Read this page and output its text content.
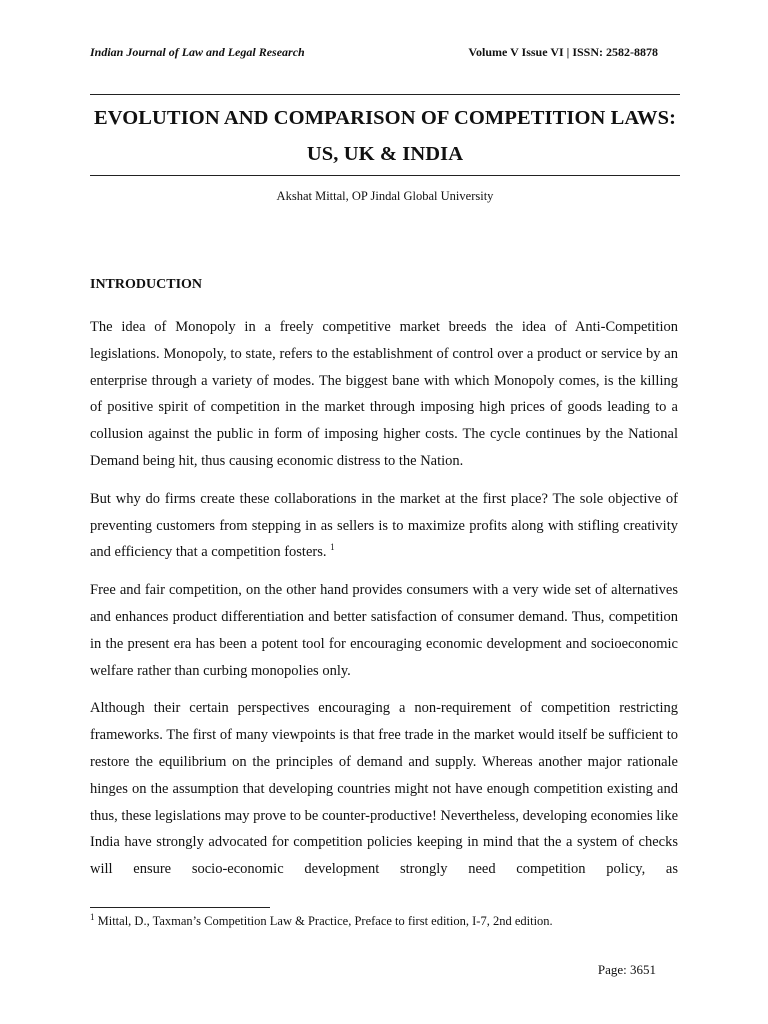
Indian Journal of Law and Legal Research	Volume V Issue VI | ISSN: 2582-8878
EVOLUTION AND COMPARISON OF COMPETITION LAWS:
US, UK & INDIA
Akshat Mittal, OP Jindal Global University
INTRODUCTION

The idea of Monopoly in a freely competitive market breeds the idea of Anti-Competition legislations. Monopoly, to state, refers to the establishment of control over a product or service by an enterprise through a variety of modes. The biggest bane with which Monopoly comes, is the killing of positive spirit of competition in the market through imposing high prices of goods leading to a collusion against the public in form of imposing higher costs. The cycle continues by the National Demand being hit, thus causing economic distress to the Nation.

But why do firms create these collaborations in the market at the first place? The sole objective of preventing customers from stepping in as sellers is to maximize profits along with stifling creativity and efficiency that a competition fosters. $^1$

Free and fair competition, on the other hand provides consumers with a very wide set of alternatives and enhances product differentiation and better satisfaction of consumer demand. Thus, competition in the present era has been a potent tool for encouraging economic development and socioeconomic welfare rather than curbing monopolies only.

Although their certain perspectives encouraging a non-requirement of competition restricting frameworks. The first of many viewpoints is that free trade in the market would itself be sufficient to restore the equilibrium on the principles of demand and supply. Whereas another major rationale hinges on the assumption that developing countries might not have enough competition existing and thus, these legislations may prove to be counter-productive! Nevertheless, developing economies like India have strongly advocated for competition policies keeping in mind that the a system of checks will ensure socio-economic development strongly need competition policy, as

$^1$ Mittal, D., Taxman’s Competition Law & Practice, Preface to first edition, I-7, 2nd edition.
Page: 3651
